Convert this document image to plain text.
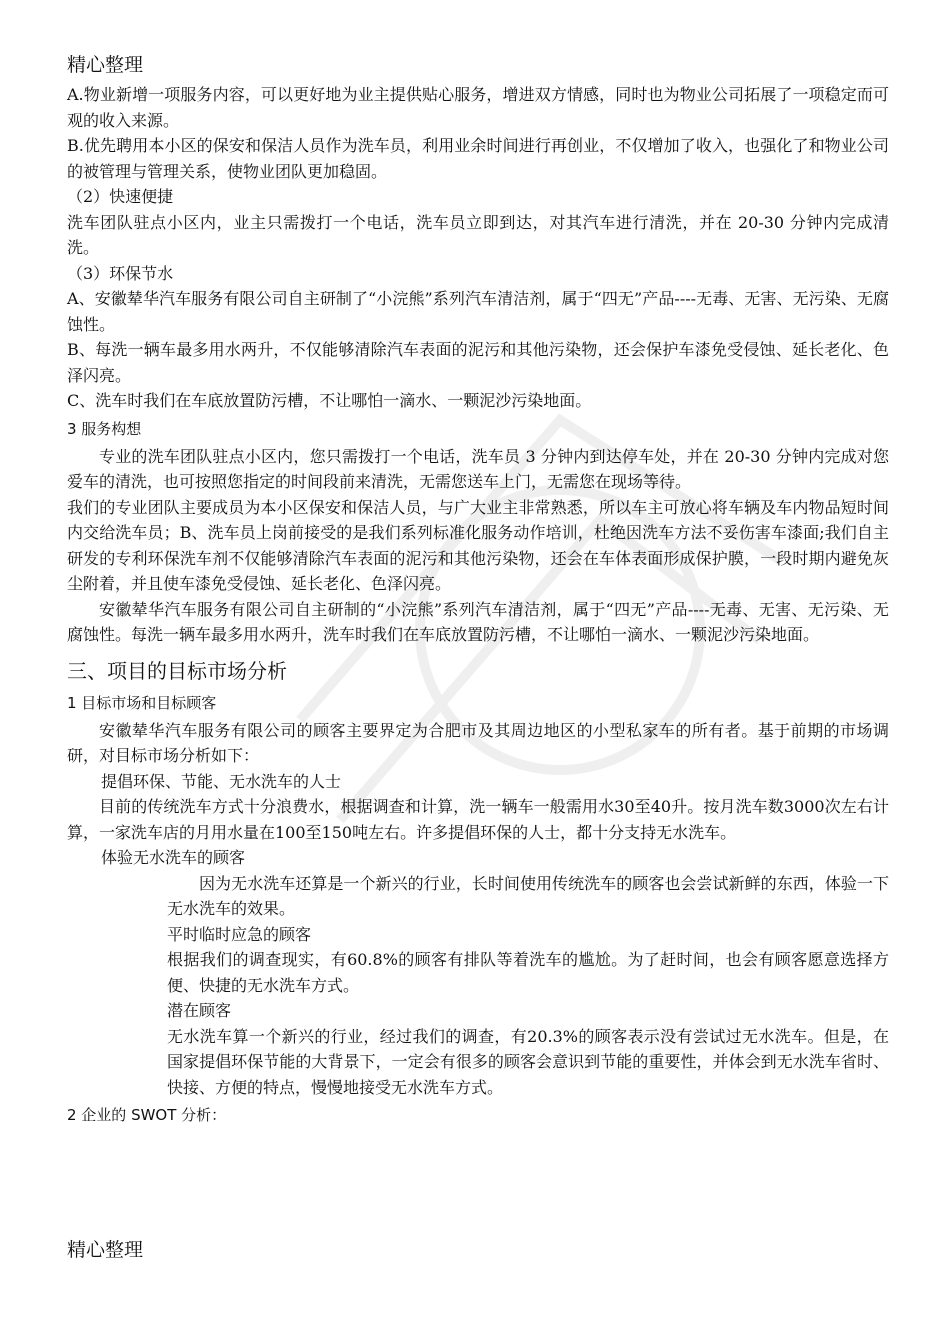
精心整理

A.物业新增一项服务内容，可以更好地为业主提供贴心服务，增进双方情感，同时也为物业公司拓展了一项稳定而可观的收入来源。

B.优先聘用本小区的保安和保洁人员作为洗车员，利用业余时间进行再创业，不仅增加了收入，也强化了和物业公司的被管理与管理关系，使物业团队更加稳固。

（2）快速便捷

洗车团队驻点小区内，业主只需拨打一个电话，洗车员立即到达，对其汽车进行清洗，并在 20-30 分钟内完成清洗。

（3）环保节水

A、安徽辇华汽车服务有限公司自主研制了“小浣熊”系列汽车清洁剂，属于“四无”产品----无毒、无害、无污染、无腐蚀性。

B、每洗一辆车最多用水两升，不仅能够清除汽车表面的泥污和其他污染物，还会保护车漆免受侵蚀、延长老化、色泽闪亮。

C、洗车时我们在车底放置防污槽，不让哪怕一滴水、一颗泥沙污染地面。

3 服务构想

专业的洗车团队驻点小区内，您只需拨打一个电话，洗车员 3 分钟内到达停车处，并在 20-30 分钟内完成对您爱车的清洗，也可按照您指定的时间段前来清洗，无需您送车上门，无需您在现场等待。

我们的专业团队主要成员为本小区保安和保洁人员，与广大业主非常熟悉，所以车主可放心将车辆及车内物品短时间内交给洗车员；B、洗车员上岗前接受的是我们系列标准化服务动作培训，杜绝因洗车方法不妥伤害车漆面;我们自主研发的专利环保洗车剂不仅能够清除汽车表面的泥污和其他污染物，还会在车体表面形成保护膜，一段时期内避免灰尘附着，并且使车漆免受侵蚀、延长老化、色泽闪亮。

安徽辇华汽车服务有限公司自主研制的“小浣熊”系列汽车清洁剂，属于“四无”产品----无毒、无害、无污染、无腐蚀性。每洗一辆车最多用水两升，洗车时我们在车底放置防污槽，不让哪怕一滴水、一颗泥沙污染地面。

三、项目的目标市场分析

1 目标市场和目标顾客

安徽辇华汽车服务有限公司的顾客主要界定为合肥市及其周边地区的小型私家车的所有者。基于前期的市场调研，对目标市场分析如下：

提倡环保、节能、无水洗车的人士

目前的传统洗车方式十分浪费水，根据调查和计算，洗一辆车一般需用水30至40升。按月洗车数3000次左右计算，一家洗车店的月用水量在100至150吨左右。许多提倡环保的人士，都十分支持无水洗车。

体验无水洗车的顾客

因为无水洗车还算是一个新兴的行业，长时间使用传统洗车的顾客也会尝试新鲜的东西，体验一下无水洗车的效果。

平时临时应急的顾客

根据我们的调查现实，有60.8%的顾客有排队等着洗车的尴尬。为了赶时间，也会有顾客愿意选择方便、快捷的无水洗车方式。

潜在顾客

无水洗车算一个新兴的行业，经过我们的调查，有20.3%的顾客表示没有尝试过无水洗车。但是，在国家提倡环保节能的大背景下，一定会有很多的顾客会意识到节能的重要性，并体会到无水洗车省时、快接、方便的特点，慢慢地接受无水洗车方式。

2 企业的 SWOT 分析：

精心整理
